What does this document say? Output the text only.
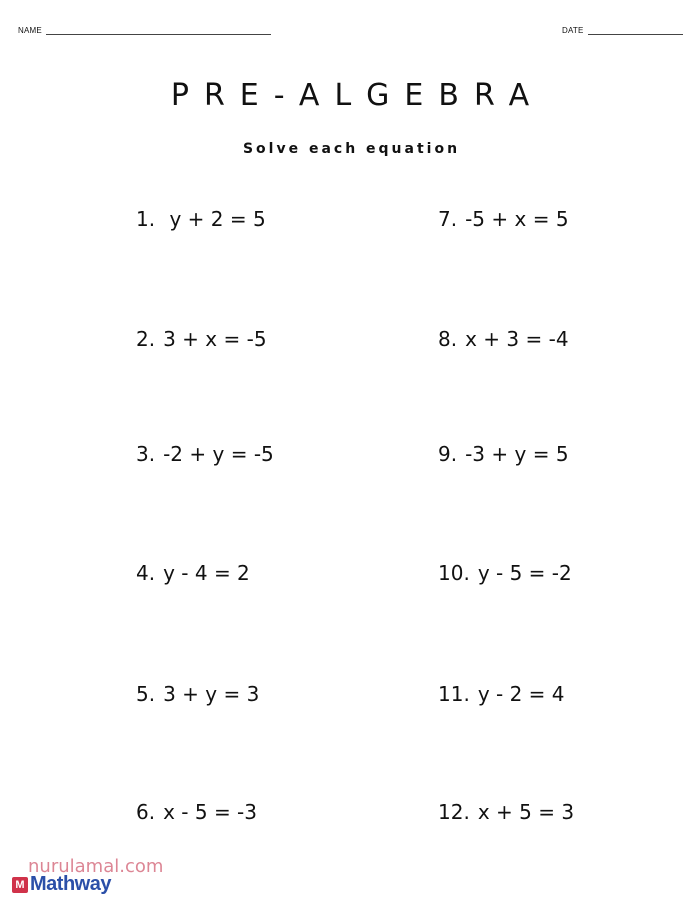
NAME	DATE
PRE-ALGEBRA
Solve each equation
1. y + 2 = 5
2. 3 + x = -5
3. -2 + y = -5
4. y - 4 = 2
5. 3 + y = 3
6. x - 5 = -3
7. -5 + x = 5
8. x + 3 = -4
9. -3 + y = 5
10. y - 5 = -2
11. y - 2 = 4
12. x + 5 = 3
nurulamal.com
M Mathway
